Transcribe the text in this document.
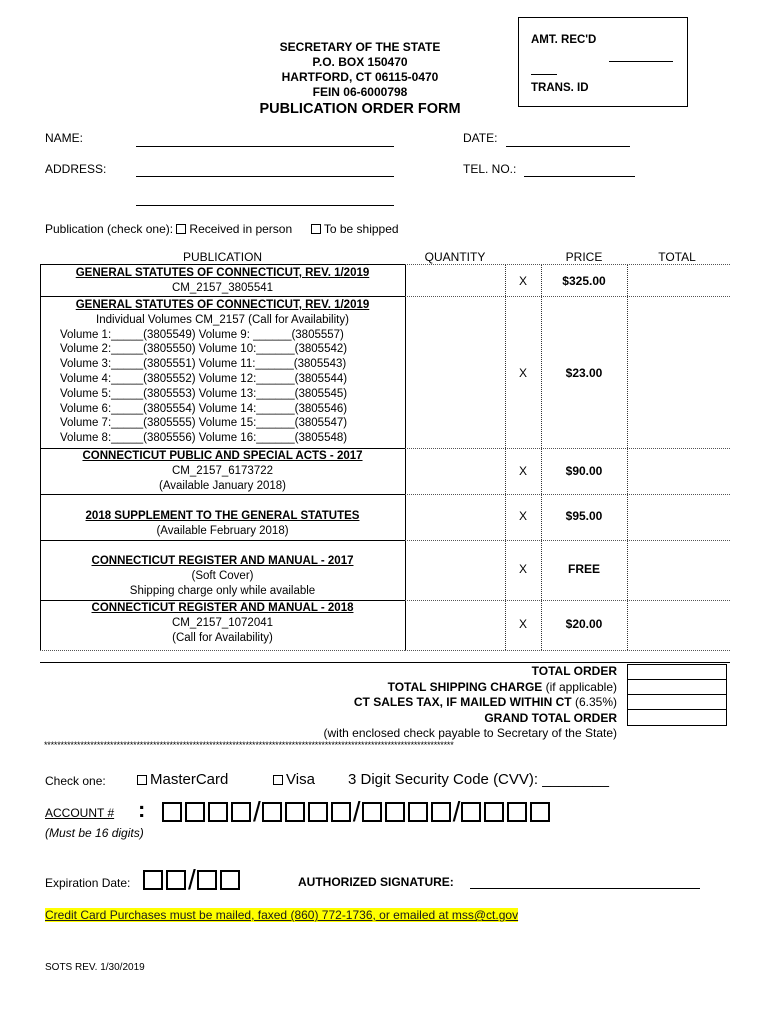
SECRETARY OF THE STATE
P.O. BOX 150470
HARTFORD, CT 06115-0470
FEIN 06-6000798
PUBLICATION ORDER FORM
AMT. REC'D
TRANS. ID
NAME:	DATE:
ADDRESS:	TEL. NO.:
Publication (check one): Received in person	To be shipped
PUBLICATION	QUANTITY	PRICE	TOTAL
GENERAL STATUTES OF CONNECTICUT, REV. 1/2019
CM_2157_3805541	X	$325.00
GENERAL STATUTES OF CONNECTICUT, REV. 1/2019
Individual Volumes CM_2157 (Call for Availability)
Volume 1:_____(3805549) Volume 9: ______(3805557)
Volume 2:_____(3805550) Volume 10:______(3805542)
Volume 3:_____(3805551) Volume 11:______(3805543)
Volume 4:_____(3805552) Volume 12:______(3805544)
Volume 5:_____(3805553) Volume 13:______(3805545)
Volume 6:_____(3805554) Volume 14:______(3805546)
Volume 7:_____(3805555) Volume 15:______(3805547)
Volume 8:_____(3805556) Volume 16:______(3805548)
X	$23.00
CONNECTICUT PUBLIC AND SPECIAL ACTS - 2017
CM_2157_6173722
(Available January 2018)
X	$90.00
2018 SUPPLEMENT TO THE GENERAL STATUTES
(Available February 2018)
X	$95.00
CONNECTICUT REGISTER AND MANUAL - 2017
(Soft Cover)
Shipping charge only while available
X	FREE
CONNECTICUT REGISTER AND MANUAL - 2018
CM_2157_1072041
(Call for Availability)
X	$20.00
TOTAL ORDER
TOTAL SHIPPING CHARGE (if applicable)
CT SALES TAX, IF MAILED WITHIN CT (6.35%)
GRAND TOTAL ORDER
(with enclosed check payable to Secretary of the State)
****************************************************************************************************************************
Check one:	MasterCard	Visa 3 Digit Security Code (CVV): ________
ACCOUNT # :	/	/	/
(Must be 16 digits)
Expiration Date:	/	AUTHORIZED SIGNATURE:
Credit Card Purchases must be mailed, faxed (860) 772-1736, or emailed at mss@ct.gov
SOTS REV. 1/30/2019
